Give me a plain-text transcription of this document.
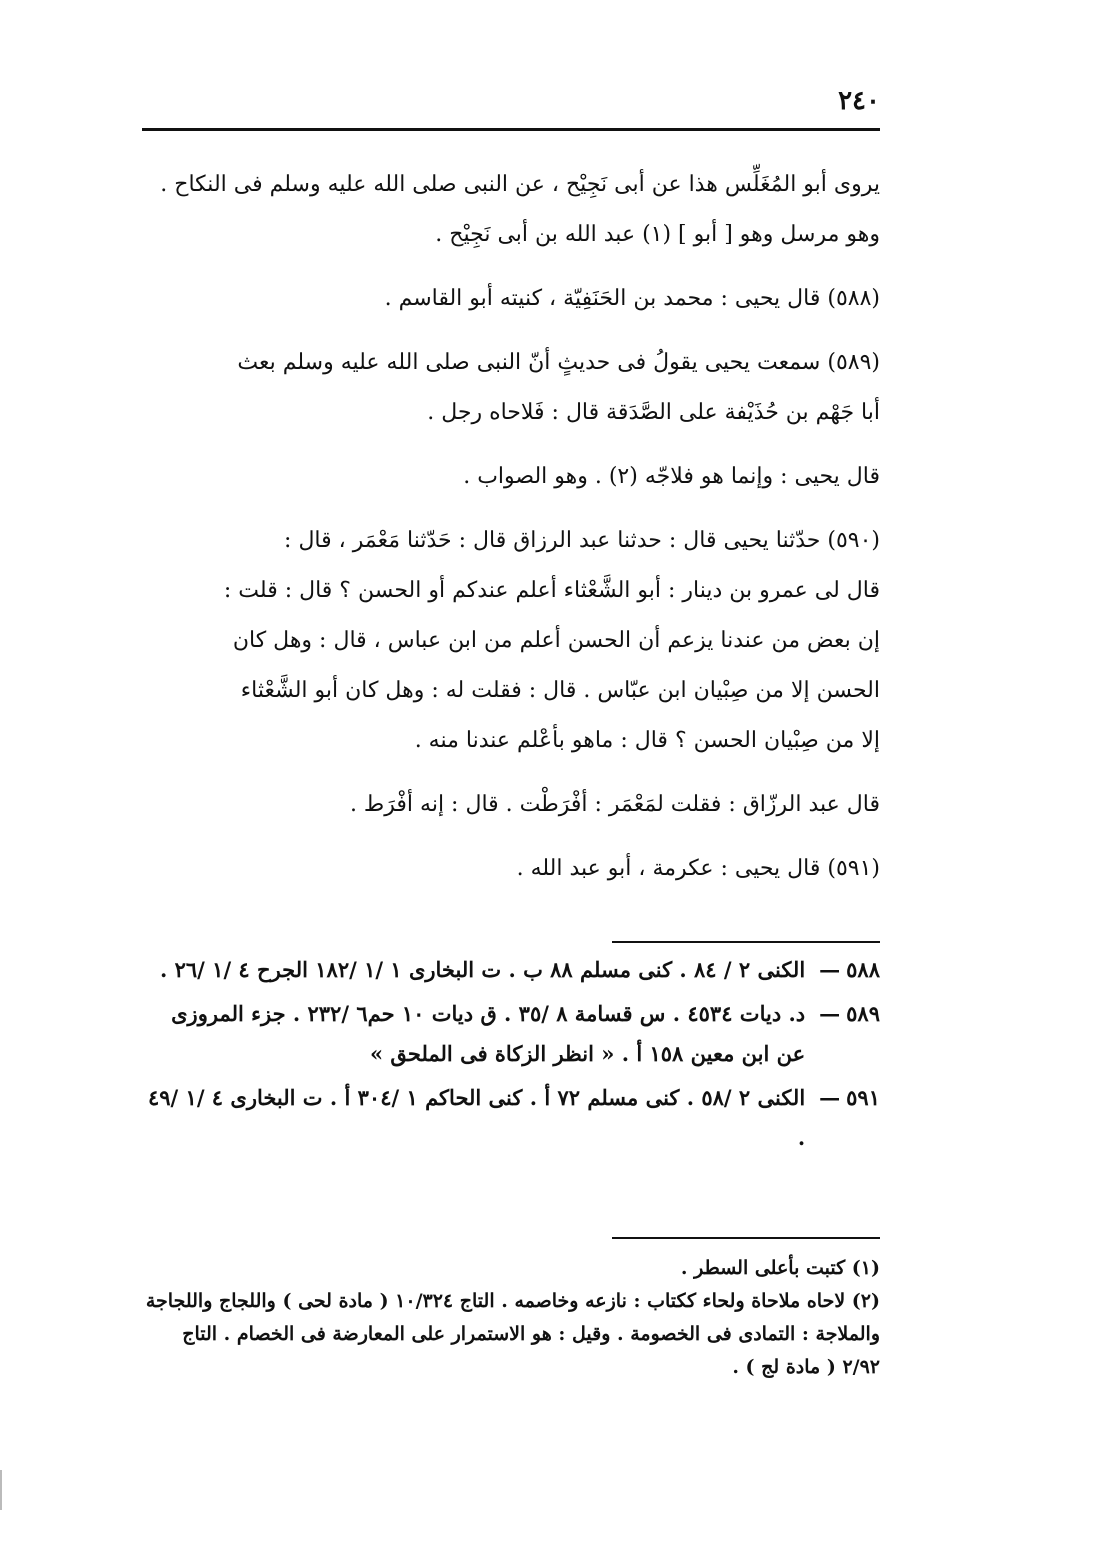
٢٤٠

يروى أبو المُغَلِّس هذا عن أبى نَجِيْح ، عن النبى صلى الله عليه وسلم فى النكاح .

وهو مرسل وهو [ أبو ] (١) عبد الله بن أبى نَجِيْح .

(٥٨٨) قال يحيى : محمد بن الحَنَفِيّة ، كنيته أبو القاسم .

(٥٨٩) سمعت يحيى يقولُ فى حديثٍ أنّ النبى صلى الله عليه وسلم بعث

أبا جَهْم بن حُذَيْفة على الصَّدَقة قال : فَلاحاه رجل .

قال يحيى : وإنما هو فلاجّه (٢) . وهو الصواب .

(٥٩٠) حدّثنا يحيى قال : حدثنا عبد الرزاق قال : حَدّثنا مَعْمَر ، قال :

قال لى عمرو بن دينار : أبو الشَّعْثاء أعلم عندكم أو الحسن ؟ قال : قلت :

إن بعض من عندنا يزعم أن الحسن أعلم من ابن عباس ، قال : وهل كان

الحسن إلا من صِبْيان ابن عبّاس . قال : فقلت له : وهل كان أبو الشَّعْثاء

إلا من صِبْيان الحسن ؟ قال : ماهو بأعْلم عندنا منه .

قال عبد الرزّاق : فقلت لمَعْمَر : أفْرَطْت . قال : إنه أفْرَط .

(٥٩١) قال يحيى : عكرمة ، أبو عبد الله .

٥٨٨—
الكنى ٢ / ٨٤ . كنى مسلم ٨٨ ب . ت البخارى ١ /١ /١٨٢ الجرح ٤ /١ /٢٦ .
٥٨٩—
د. ديات ٤٥٣٤ . س قسامة ٨ /٣٥ . ق ديات ١٠ حم٦ /٢٣٢ . جزء المروزى عن ابن معين ١٥٨ أ . « انظر الزكاة فى الملحق »
٥٩١—
الكنى ٢ /٥٨ . كنى مسلم ٧٢ أ . كنى الحاكم ١ /٣٠٤ أ . ت البخارى ٤ /١ /٤٩ .

(١) كتبت بأعلى السطر .

(٢) لاحاه ملاحاة ولحاء ككتاب : نازعه وخاصمه . التاج ١٠/٣٢٤ ( مادة لحى ) واللجاج واللجاجة والملاجة : التمادى فى الخصومة . وقيل : هو الاستمرار على المعارضة فى الخصام . التاج ٢/٩٢ ( مادة لج ) .
